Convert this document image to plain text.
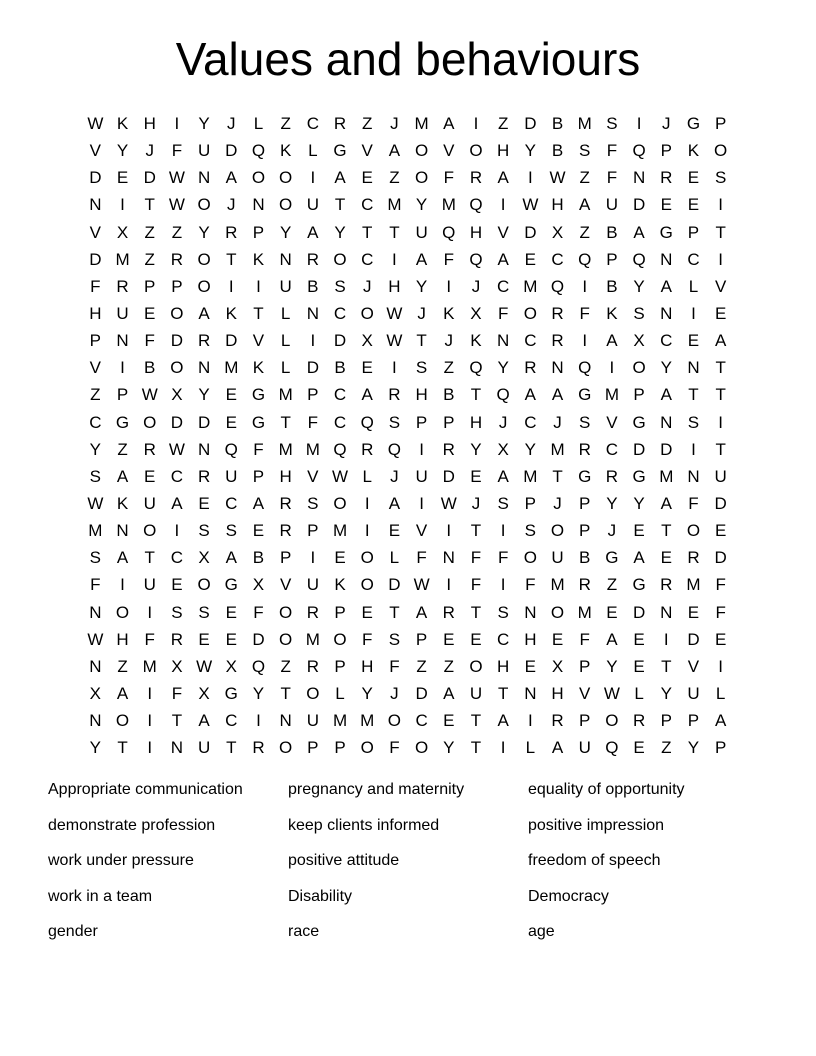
Values and behaviours
W K H	I	Y	J	L	Z C R Z	J M A	I	Z D B M S	I	J G P
V Y	J	F U D Q K L G V A O V O H Y B S F Q P K O
D E D W N A O O	I	A E Z O F R A	I W Z F N R E S
N	I	T W O J N O U T C M Y M Q	I W H A U D E E	I
V X Z Z Y R P Y A Y T T U Q H V D X Z B A G P T
D M Z R O T K N R O C	I	A F Q A E C Q P Q N C	I
F R P P O	I	I	U B S	J H Y	I	J C M Q	I	B Y A L V
H U E O A K T	L N C O W J	K X F O R F K S N	I	E
P N F D R D V L	I	D X W T	J	K N C R	I	A X C E A
V	I	B O N M K L D B E	I	S Z Q Y R N Q	I	O Y N T
Z P W X Y E G M P C A R H B T Q A A G M P A T T
C G O D D E G T F C Q S P P H J C J	S V G N S	I
Y Z R W N Q F M M Q R Q	I	R Y X Y M R C D D	I	T
S A E C R U P H V W L	J U D E A M T G R G M N U
W K U A E C A R S O	I	A	I W J	S P	J	P Y Y A F D
M N O	I	S S E R P M	I	E V	I	T	I	S O P	J	E T O E
S A T C X A B P	I	E O L	F N F F O U B G A E R D
F	I	U E O G X V U K O D W I	F	I	F M R Z G R M F
N O	I	S S E F O R P E T A R T S N O M E D N E F
W H F R E E D O M O F S P E E C H E F A E	I	D E
N Z M X W X Q Z R P H F Z Z O H E X P Y E T V	I
X A	I	F X G Y T O L Y	J D A U T N H V W L Y U L
N O	I	T A C	I	N U M M O C E T A	I	R P O R P P A
Y T	I	N U T R O P P O F O Y T	I	L A U Q E Z Y P
Appropriate communication
demonstrate profession
work under pressure
work in a team
gender
pregnancy and maternity
keep clients informed
positive attitude
Disability
race
equality of opportunity
positive impression
freedom of speech
Democracy
age
